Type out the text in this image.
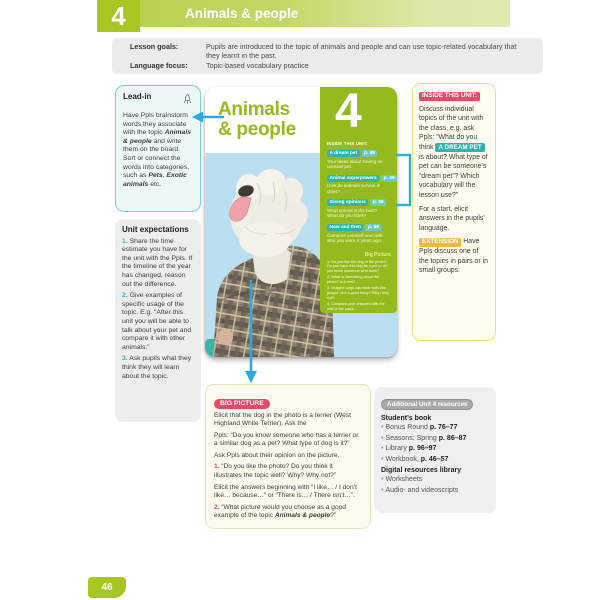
4	Animals & people
Lesson goals:	Pupils are introduced to the topic of animals and people and can use topic-related vocabulary that they learnt in the past.
Language focus:	Topic-based vocabulary practice
Lead-in
Have Ppls brainstorm words they associate with the topic Animals & people and write them on the board. Sort or connect the words into categories, such as Pets, Exotic animals etc.
Unit expectations

1. Share the time estimate you have for the unit with the Ppls. If the timeline of the year has changed, reason out the difference.

2. Give examples of specific usage of the topic. E.g. “After this unit you will be able to talk about your pet and compare it with other animals.”

3. Ask pupils what they think they will learn about the topic.

Animals
& people 4
INSIDE THIS UNIT:
A dream pet	p. 48
Your ideas about having an unusual pet.
Animal superpowers	p. 49
How do animals survive in cities?
Giving opinions	p. 56
What animal is the best? What do you think?
Now and then	p. 58
Compare yourself now with who you were 4 years ago.
Big Picture
1. Do you like the dog in the photo? Do you have this dog as a pet or do you know someone who does?
2. What is interesting about the photo? Is it real?
3. Imagine dogs can wear suits like people. Is it a good thing? Why / why not?
4. Compare your answers with the rest of the class.

INSIDE THIS UNIT:

Discuss individual topics of the unit with the class, e.g. ask Ppls: “What do you think A DREAM PET is about? What type of pet can be someone’s “dream pet”? Which vocabulary will the lesson use?”

For a start, elicit answers in the pupils’ language.

EXTENSION Have Ppls discuss one of the topics in pairs or in small groups.

BIG PICTURE

Elicit that the dog in the photo is a terrier (West Highland White Terrier). Ask the

Ppls: “Do you know someone who has a terrier or a similar dog as a pet? What type of dog is it?”

Ask Ppls about their opinion on the picture.

1. “Do you like the photo? Do you think it illustrates the topic well? Why? Why not?”

Elicit the answers beginning with “I like… / I don’t like… because…” or “There is… / There isn’t…”.

2. “What picture would you choose as a good example of the topic Animals & people?”

Additional Unit 4 resources
Student’s book
• Bonus Round p. 76–77
• Seasons: Spring p. 86–87
• Library p. 96–97
• Workbook, p. 46–57
Digital resources library
• Worksheets
• Audio- and videoscripts
46
